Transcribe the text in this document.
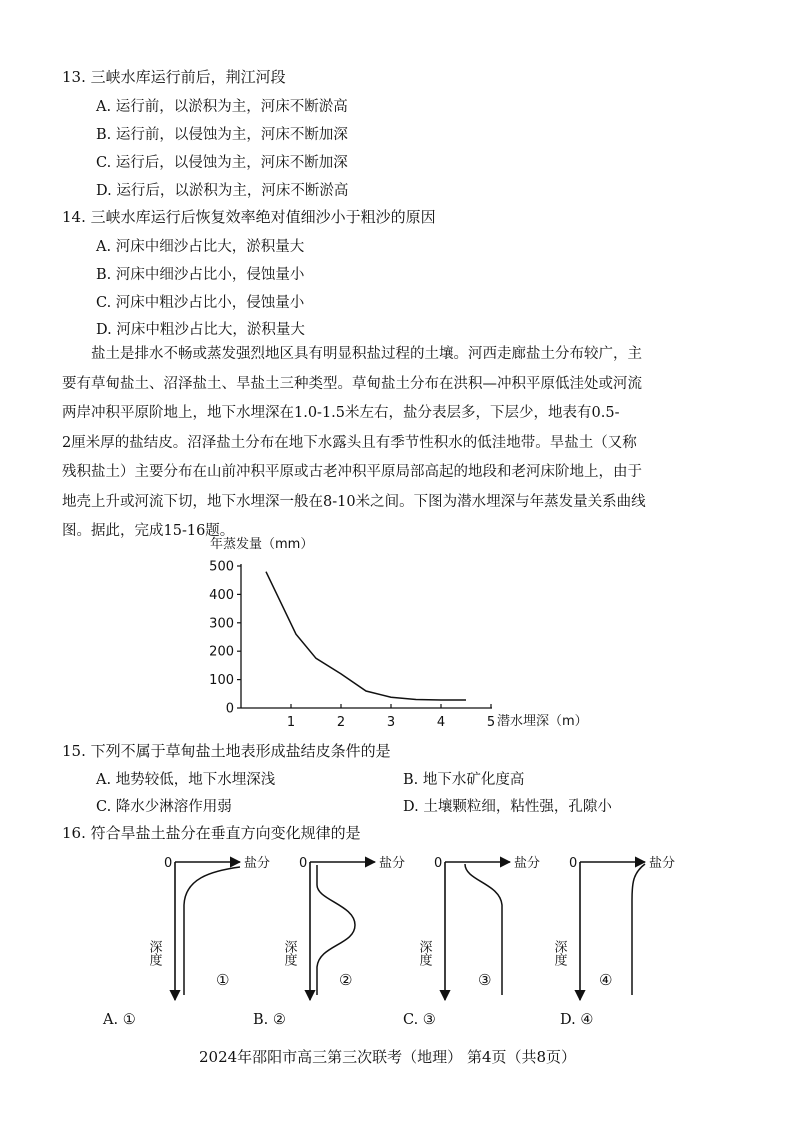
13. 三峡水库运行前后，荆江河段
A. 运行前，以淤积为主，河床不断淤高
B. 运行前，以侵蚀为主，河床不断加深
C. 运行后，以侵蚀为主，河床不断加深
D. 运行后，以淤积为主，河床不断淤高
14. 三峡水库运行后恢复效率绝对值细沙小于粗沙的原因
A. 河床中细沙占比大，淤积量大
B. 河床中细沙占比小，侵蚀量小
C. 河床中粗沙占比小，侵蚀量小
D. 河床中粗沙占比大，淤积量大

盐土是排水不畅或蒸发强烈地区具有明显积盐过程的土壤。河西走廊盐土分布较广，主

要有草甸盐土、沼泽盐土、旱盐土三种类型。草甸盐土分布在洪积—冲积平原低洼处或河流

两岸冲积平原阶地上，地下水埋深在1.0-1.5米左右，盐分表层多，下层少，地表有0.5-

2厘米厚的盐结皮。沼泽盐土分布在地下水露头且有季节性积水的低洼地带。旱盐土（又称

残积盐土）主要分布在山前冲积平原或古老冲积平原局部高起的地段和老河床阶地上，由于

地壳上升或河流下切，地下水埋深一般在8-10米之间。下图为潜水埋深与年蒸发量关系曲线

图。据此，完成15-16题。

年蒸发量（mm）
潜水埋深（m）
0
100
200
300
400
500
1	2	3	4	5
15. 下列不属于草甸盐土地表形成盐结皮条件的是
A. 地势较低，地下水埋深浅	B. 地下水矿化度高
C. 降水少淋溶作用弱	D. 土壤颗粒细，粘性强，孔隙小
16. 符合旱盐土盐分在垂直方向变化规律的是
0	盐分
深度
①
0	盐分
深度
②
0	盐分
深度
③
0	盐分
深度
④
A. ①	B. ②	C. ③	D. ④
2024年邵阳市高三第三次联考（地理） 第4页（共8页）
